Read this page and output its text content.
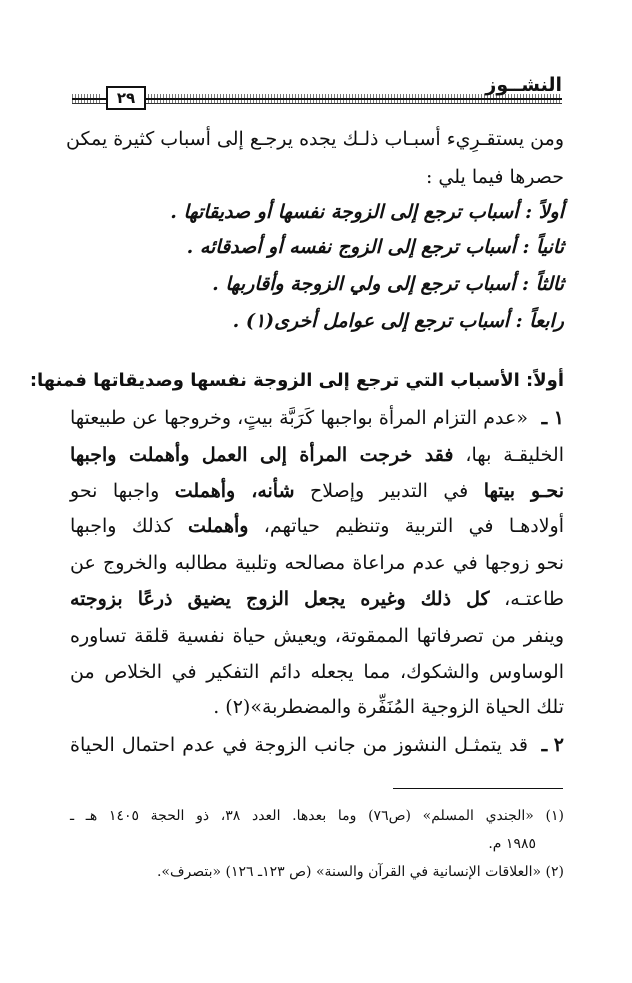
النشــوز
٢٩
ومن يستقـرِيء أسبـاب ذلـك يجده يرجـع إلى أسباب كثيرة يمكن
حصرها فيما يلي :
أولاً : أسباب ترجع إلى الزوجة نفسها أو صديقاتها .
ثانياً : أسباب ترجع إلى الزوج نفسه أو أصدقائه .
ثالثاً : أسباب ترجع إلى ولي الزوجة وأقاربها .
رابعاً : أسباب ترجع إلى عوامل أخرى(١) .
أولاً: الأسباب التي ترجع إلى الزوجة نفسها وصديقاتها فمنها:
١ ـ
«عدم التزام المرأة بواجبها كَرَبَّة بيتٍ، وخروجها عن طبيعتها
الخليقـة بها، فقد خرجت المرأة إلى العمل وأهملت واجبها
نحـو بيتها في التدبير وإصلاح شأنه، وأهملت واجبها نحو
أولادهـا في التربية وتنظيم حياتهم، وأهملت كذلك واجبها
نحو زوجها في عدم مراعاة مصالحه وتلبية مطالبه والخروج عن
طاعتـه، كل ذلك وغيره يجعل الزوج يضيق ذرعًا بزوجته
وينفر من تصرفاتها الممقوتة، ويعيش حياة نفسية قلقة تساوره
الوساوس والشكوك، مما يجعله دائم التفكير في الخلاص من
تلك الحياة الزوجية المُنَفِّرة والمضطربة»(٢) .
٢ ـ
قد يتمثـل النشوز من جانب الزوجة في عدم احتمال الحياة
(١) «الجندي المسلم» (ص٧٦) وما بعدها. العدد ٣٨، ذو الحجة ١٤٠٥ هـ ـ
١٩٨٥ م.
(٢) «العلاقات الإنسانية في القرآن والسنة» (ص ١٢٣ـ ١٢٦) «بتصرف».
